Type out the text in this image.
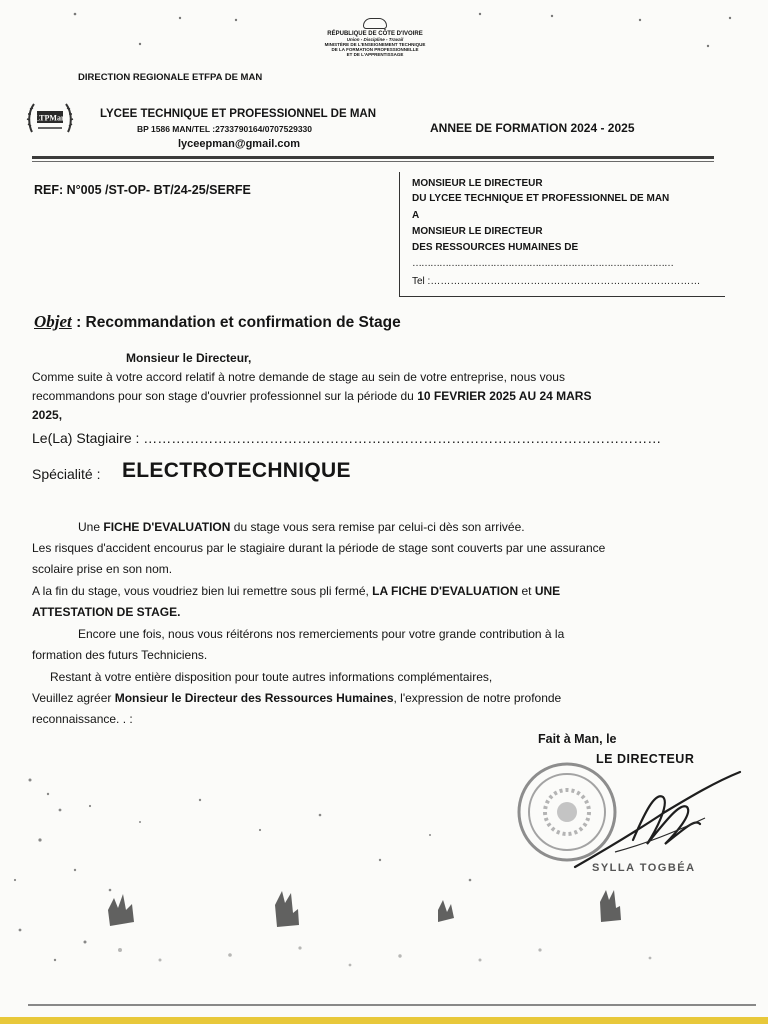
RÉPUBLIQUE DE CÔTE D'IVOIRE
Union - Discipline - Travail
MINISTÈRE DE L'ENSEIGNEMENT TECHNIQUE
DE LA FORMATION PROFESSIONNELLE
ET DE L'APPRENTISSAGE
DIRECTION REGIONALE ETFPA DE MAN
LTPMan	LYCEE TECHNIQUE ET PROFESSIONNEL DE MAN
BP 1586 MAN/TEL :2733790164/0707529330
lyceepman@gmail.com
ANNEE DE FORMATION 2024 - 2025
REF: N°005 /ST-OP- BT/24-25/SERFE	MONSIEUR LE DIRECTEUR
DU LYCEE TECHNIQUE ET PROFESSIONNEL DE MAN
A
MONSIEUR LE DIRECTEUR
DES RESSOURCES HUMAINES DE
……………………………………………………………………………
Tel :………………………………………………………………………
Objet : Recommandation et confirmation de Stage
Monsieur le Directeur,
Comme suite à votre accord relatif à notre demande de stage au sein de votre entreprise, nous vous
recommandons pour son stage d'ouvrier professionnel sur la période du 10 FEVRIER 2025 AU 24 MARS
2025,
Le(La) Stagiaire : …………………………………………………………………………………………………
Spécialité : ELECTROTECHNIQUE
Une FICHE D'EVALUATION du stage vous sera remise par celui-ci dès son arrivée.
Les risques d'accident encourus par le stagiaire durant la période de stage sont couverts par une assurance
scolaire prise en son nom.
A la fin du stage, vous voudriez bien lui remettre sous pli fermé, LA FICHE D'EVALUATION et UNE
ATTESTATION DE STAGE.
Encore une fois, nous vous réitérons nos remerciements pour votre grande contribution à la
formation des futurs Techniciens.
Restant à votre entière disposition pour toute autres informations complémentaires,
Veuillez agréer Monsieur le Directeur des Ressources Humaines, l'expression de notre profonde
reconnaissance. . :
Fait à Man, le
LE DIRECTEUR
SYLLA TOGBÉA
